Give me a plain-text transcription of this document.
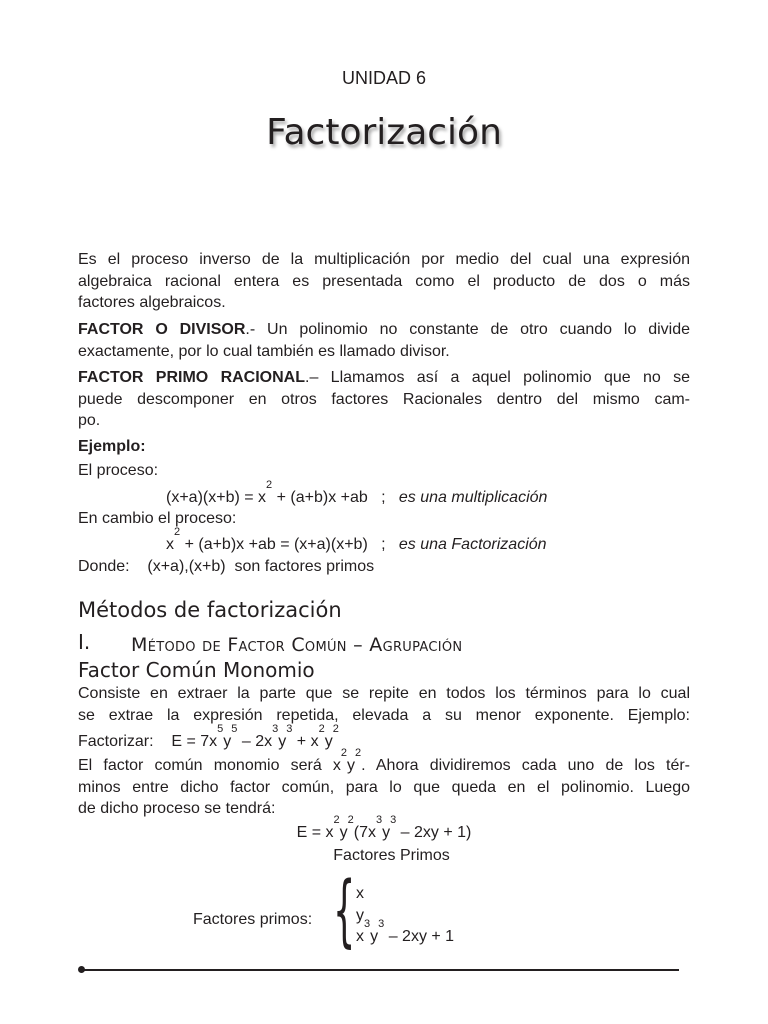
UNIDAD 6
Factorización
Es el proceso inverso de la multiplicación por medio del cual una expresión
algebraica racional entera es presentada como el producto de dos o más
factores algebraicos.
FACTOR O DIVISOR.- Un polinomio no constante de otro cuando lo divide
exactamente, por lo cual también es llamado divisor.
FACTOR PRIMO RACIONAL.– Llamamos así a aquel polinomio que no se
puede descomponer en otros factores Racionales dentro del mismo cam-
po.
Ejemplo:
El proceso:
$(x+a)(x+b) = x^2 + (a+b)x +ab$   ; es una multiplicación
En cambio el proceso:
$x^2 + (a+b)x +ab = (x+a)(x+b)$   ; es una Factorización
Donde:    (x+a),(x+b)  son factores primos
Métodos de factorización
I. Método de Factor Común – Agrupación
Factor Común Monomio
Consiste en extraer la parte que se repite en todos los términos para lo cual
se extrae la expresión repetida, elevada a su menor exponente. Ejemplo:
Factorizar:    $E = 7x^5y^5 - 2x^3y^3 + x^2y^2$
El factor común monomio será $x^2y^2$. Ahora dividiremos cada uno de los tér-
minos entre dicho factor común, para lo que queda en el polinomio. Luego
de dicho proceso se tendrá:
$E = x^2y^2(7x^3y^3 - 2xy + 1)$
Factores Primos
Factores primos: { x
y
$x^3y^3 - 2xy + 1$
